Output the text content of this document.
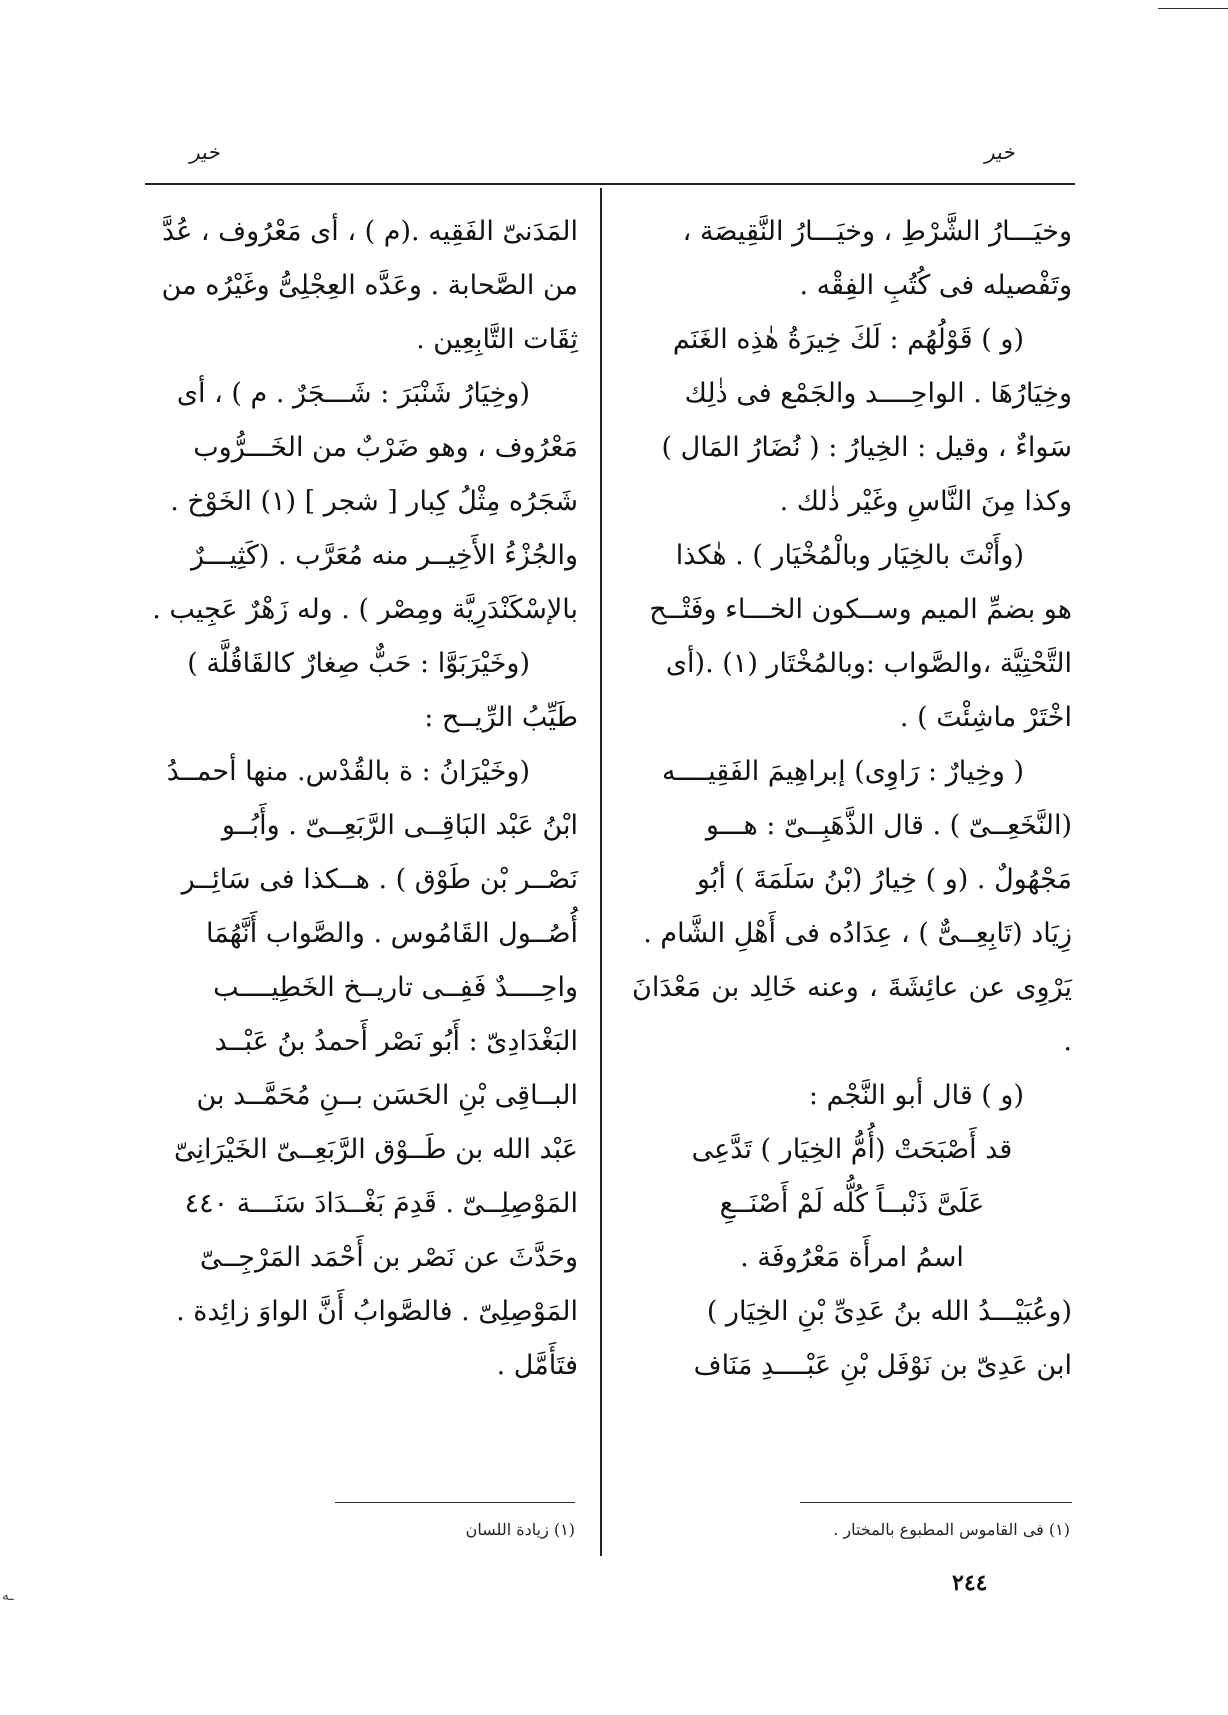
ـه
خير	خير

وخيَـــارُ الشَّرْطِ ، وخيَـــارُ النَّقِيصَة ،

وتَفْصيله فى كُتُبِ الفِقْه .

(و ) قَوْلُهُم : لَكَ خِيرَةُ هٰذِه الغَنَم

وخِيَارُهَا . الواحِــــد والجَمْع فى ذٰلِك

سَواءٌ ، وقيل : الخِيارُ : ( نُضَارُ المَال )

وكذا مِنَ النَّاسِ وغَيْر ذٰلك .

(وأَنْتَ بالخِيَار وبالْمُخْيَار ) . هٰكذا

هو بضمِّ الميم وســكون الخـــاء وفَتْــح

التَّحْتِيَّة ،والصَّواب :وبالمُخْتَار (١) .(أى

اخْتَرْ ماشِئْتَ ) .

( وخِيارٌ : رَاوِى) إبراهِيمَ الفَقِيــــه

(النَّخَعِــىّ ) . قال الذَّهَبِــىّ : هـــو

مَجْهُولٌ . (و ) خِيارُ (بْنُ سَلَمَةَ ) أبُو

زِيَاد (تَابِعِــىٌّ ) ، عِدَادُه فى أَهْلِ الشَّام .

يَرْوِى عن عائِشَةَ ، وعنه خَالِد بن مَعْدَانَ .

(و ) قال أبو النَّجْم :

قد أَصْبَحَتْ (أُمُّ الخِيَار ) تَدَّعِى

عَلَىَّ ذَنْبــاً كُلُّه لَمْ أَصْنَــعِ

اسمُ امرأَة مَعْرُوفَة .

(وعُبَيْـــدُ الله بنُ عَدِىِّ بْنِ الخِيَار )

ابن عَدِىّ بن نَوْفَل بْنِ عَبْــــدِ مَنَاف

المَدَنىّ الفَقِيه .(م ) ، أى مَعْرُوف ، عُدَّ

من الصَّحابة . وعَدَّه العِجْلِىُّ وغَيْرُه من

ثِقَات التَّابِعِين .

(وخِيَارُ شَنْبَرَ : شَـــجَرٌ . م ) ، أى

مَعْرُوف ، وهو ضَرْبٌ من الخَـــرُّوب

شَجَرُه مِثْلُ كِبار [ شجر ] (١) الخَوْخ .

والجُزْءُ الأَخِيــر منه مُعَرَّب . (كَثِيـــرٌ

بالإسْكَنْدَرِيَّة ومِصْر ) . وله زَهْرٌ عَجِيب .

(وخَيْرَبَوَّا : حَبٌّ صِغارٌ كالقَاقُلَّة )

طَيِّبُ الرِّيــح :

(وخَيْرَانُ : ة بالقُدْس. منها أحمــدُ

ابْنُ عَبْد البَاقِــى الرَّبَعِــىّ . وأَبُــو

نَصْــر بْن طَوْق ) . هــكذا فى سَائِــر

أُصُــول القَامُوس . والصَّواب أَنَّهُمَا

واحِــــدٌ فَفِــى تاريــخ الخَطِيــــب

البَغْدَادِىّ : أَبُو نَصْر أَحمدُ بنُ عَبْــد

البــاقِى بْنِ الحَسَن بــنِ مُحَمَّــد بن

عَبْد الله بن طَــوْق الرَّبَعِــىّ الخَيْرَانِىّ

المَوْصِلِــىّ . قَدِمَ بَغْــدَادَ سَنَـــة ٤٤٠

وحَدَّثَ عن نَصْر بن أَحْمَد المَرْجِــىّ

المَوْصِلِىّ . فالصَّوابُ أَنَّ الواوَ زائِدة .

فتَأَمَّل .

(١) فى القاموس المطبوع بالمختار .
(١) زيادة اللسان
٢٤٤
